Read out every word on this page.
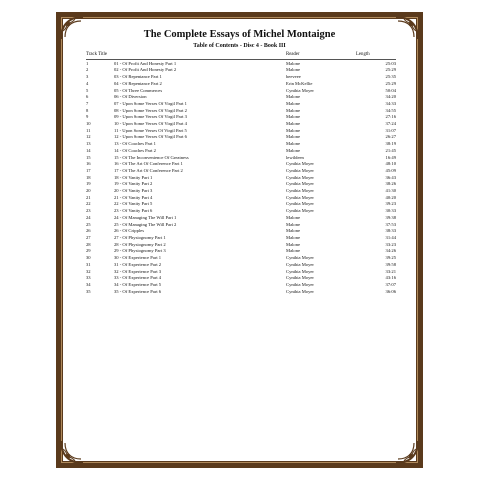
The Complete Essays of Michel Montaigne
Table of Contents - Disc 4 - Book III
Track Title		Reader	Length
1	01 - Of Profit And Honesty Part 1	Malone	25:03
2	02 - Of Profit And Honesty Part 2	Malone	25:29
3	03 - Of Repentance Part 1	beeveee	25:35
4	04 - Of Repentance Part 2	Erin McKellie	25:29
5	05 - Of Three Commerces	Cynthia Moyer	50:04
6	06 - Of Diversion	Malone	34:20
7	07 - Upon Some Verses Of Virgil Part 1	Malone	34:33
8	08 - Upon Some Verses Of Virgil Part 2	Malone	34:55
9	09 - Upon Some Verses Of Virgil Part 3	Malone	27:16
10	10 - Upon Some Verses Of Virgil Part 4	Malone	37:24
11	11 - Upon Some Verses Of Virgil Part 5	Malone	31:07
12	12 - Upon Some Verses Of Virgil Part 6	Malone	26:27
13	13 - Of Coaches Part 1	Malone	38:19
14	14 - Of Coaches Part 2	Malone	21:45
15	15 - Of The Inconvenience Of Greatness	lewildeen	16:49
16	16 - Of The Art Of Conference Part 1	Cynthia Moyer	48:10
17	17 - Of The Art Of Conference Part 2	Cynthia Moyer	45:09
18	18 - Of Vanity Part 1	Cynthia Moyer	36:43
19	19 - Of Vanity Part 2	Cynthia Moyer	38:26
20	20 - Of Vanity Part 3	Cynthia Moyer	41:30
21	21 - Of Vanity Part 4	Cynthia Moyer	40:20
22	22 - Of Vanity Part 5	Cynthia Moyer	39:23
23	23 - Of Vanity Part 6	Cynthia Moyer	30:33
24	24 - Of Managing The Will Part 1	Malone	39:38
25	25 - Of Managing The Will Part 2	Malone	37:53
26	26 - Of Cripples	Malone	38:33
27	27 - Of Physiognomy Part 1	Malone	31:44
28	28 - Of Physiognomy Part 2	Malone	33:23
29	29 - Of Physiognomy Part 3	Malone	34:26
30	30 - Of Experience Part 1	Cynthia Moyer	39:25
31	31 - Of Experience Part 2	Cynthia Moyer	39:58
32	32 - Of Experience Part 3	Cynthia Moyer	33:21
33	33 - Of Experience Part 4	Cynthia Moyer	43:16
34	34 - Of Experience Part 5	Cynthia Moyer	37:07
35	35 - Of Experience Part 6	Cynthia Moyer	36:06
